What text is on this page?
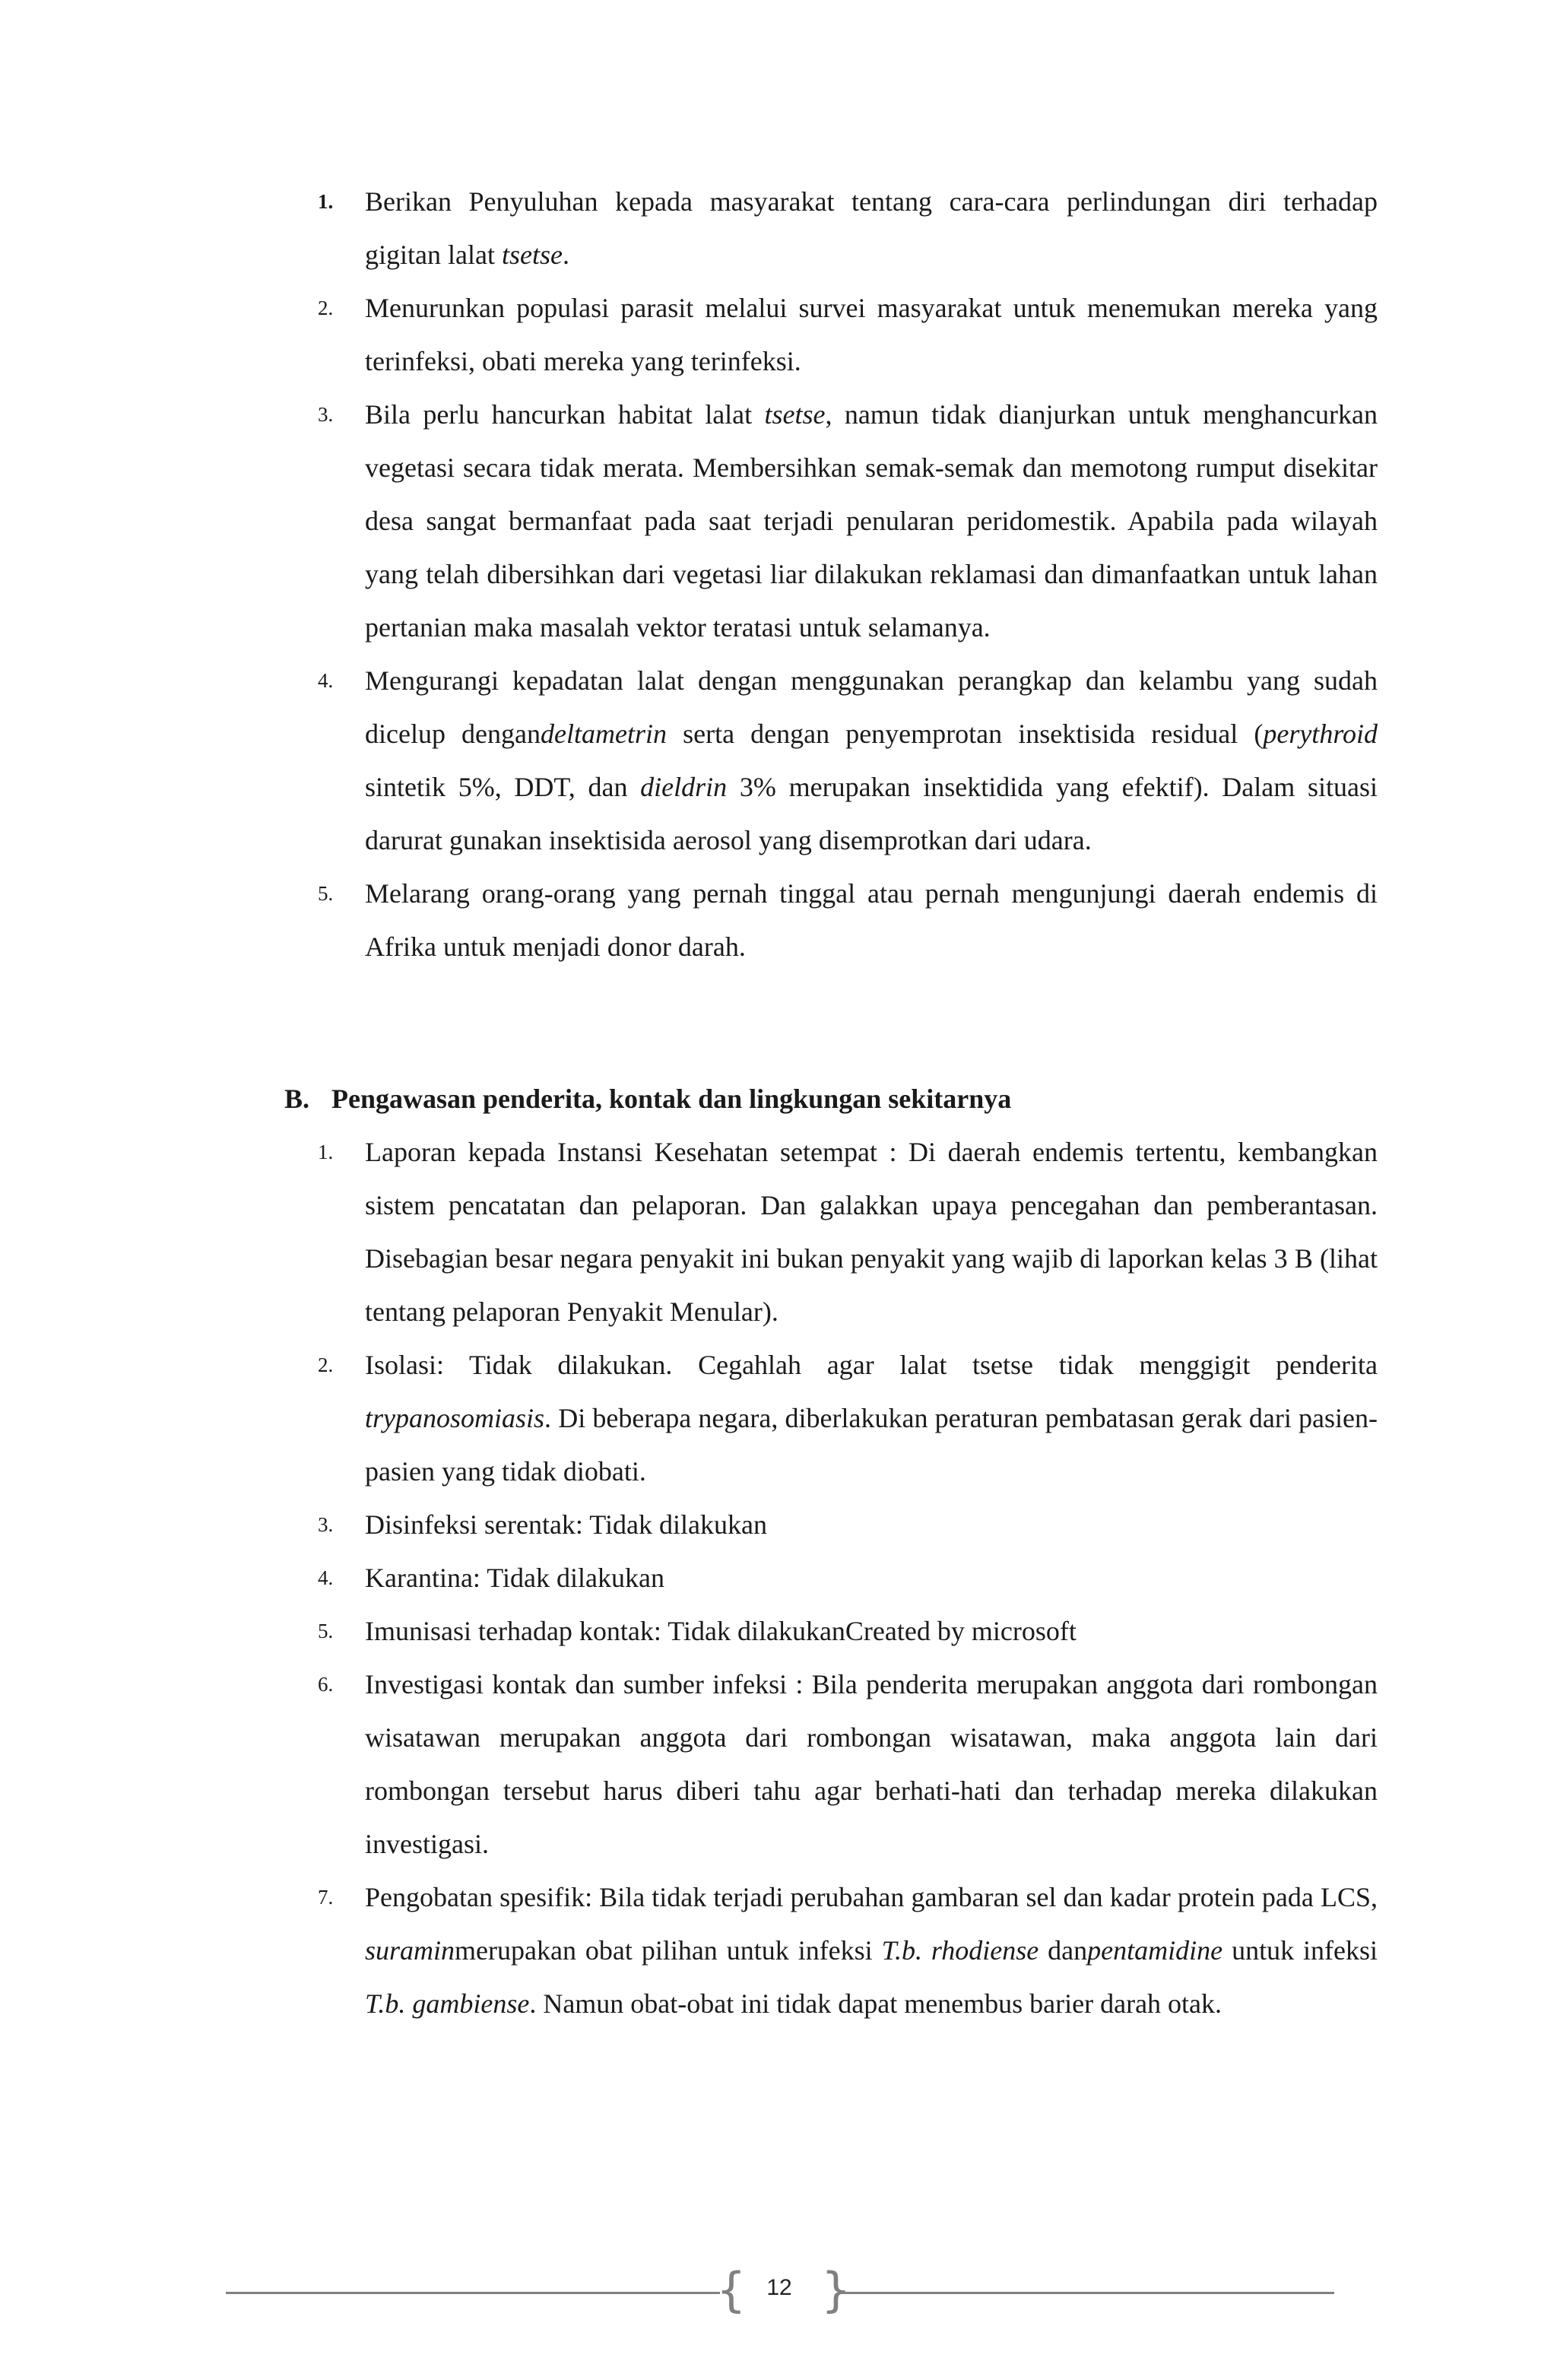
1.	Berikan Penyuluhan kepada masyarakat tentang cara-cara perlindungan diri terhadap gigitan lalat tsetse.
2.	Menurunkan populasi parasit melalui survei masyarakat untuk menemukan mereka yang terinfeksi, obati mereka yang terinfeksi.
3.	Bila perlu hancurkan habitat lalat tsetse, namun tidak dianjurkan untuk menghancurkan vegetasi secara tidak merata. Membersihkan semak-semak dan memotong rumput disekitar desa sangat bermanfaat pada saat terjadi penularan peridomestik. Apabila pada wilayah yang telah dibersihkan dari vegetasi liar dilakukan reklamasi dan dimanfaatkan untuk lahan pertanian maka masalah vektor teratasi untuk selamanya.
4.	Mengurangi kepadatan lalat dengan menggunakan perangkap dan kelambu yang sudah dicelup dengandeltametrin serta dengan penyemprotan insektisida residual (perythroid sintetik 5%, DDT, dan dieldrin 3% merupakan insektidida yang efektif). Dalam situasi darurat gunakan insektisida aerosol yang disemprotkan dari udara.
5.	Melarang orang-orang yang pernah tinggal atau pernah mengunjungi daerah endemis di Afrika untuk menjadi donor darah.
B. Pengawasan penderita, kontak dan lingkungan sekitarnya
1.	Laporan kepada Instansi Kesehatan setempat : Di daerah endemis tertentu, kembangkan sistem pencatatan dan pelaporan. Dan galakkan upaya pencegahan dan pemberantasan. Disebagian besar negara penyakit ini bukan penyakit yang wajib di laporkan kelas 3 B (lihat tentang pelaporan Penyakit Menular).
2.	Isolasi: Tidak dilakukan. Cegahlah agar lalat tsetse tidak menggigit penderita trypanosomiasis. Di beberapa negara, diberlakukan peraturan pembatasan gerak dari pasien-pasien yang tidak diobati.
3.	Disinfeksi serentak: Tidak dilakukan
4.	Karantina: Tidak dilakukan
5.	Imunisasi terhadap kontak: Tidak dilakukanCreated by microsoft
6.	Investigasi kontak dan sumber infeksi : Bila penderita merupakan anggota dari rombongan wisatawan merupakan anggota dari rombongan wisatawan, maka anggota lain dari rombongan tersebut harus diberi tahu agar berhati-hati dan terhadap mereka dilakukan investigasi.
7.	Pengobatan spesifik: Bila tidak terjadi perubahan gambaran sel dan kadar protein pada LCS, suraminmerupakan obat pilihan untuk infeksi T.b. rhodiense danpentamidine untuk infeksi T.b. gambiense. Namun obat-obat ini tidak dapat menembus barier darah otak.
{ 12 }
